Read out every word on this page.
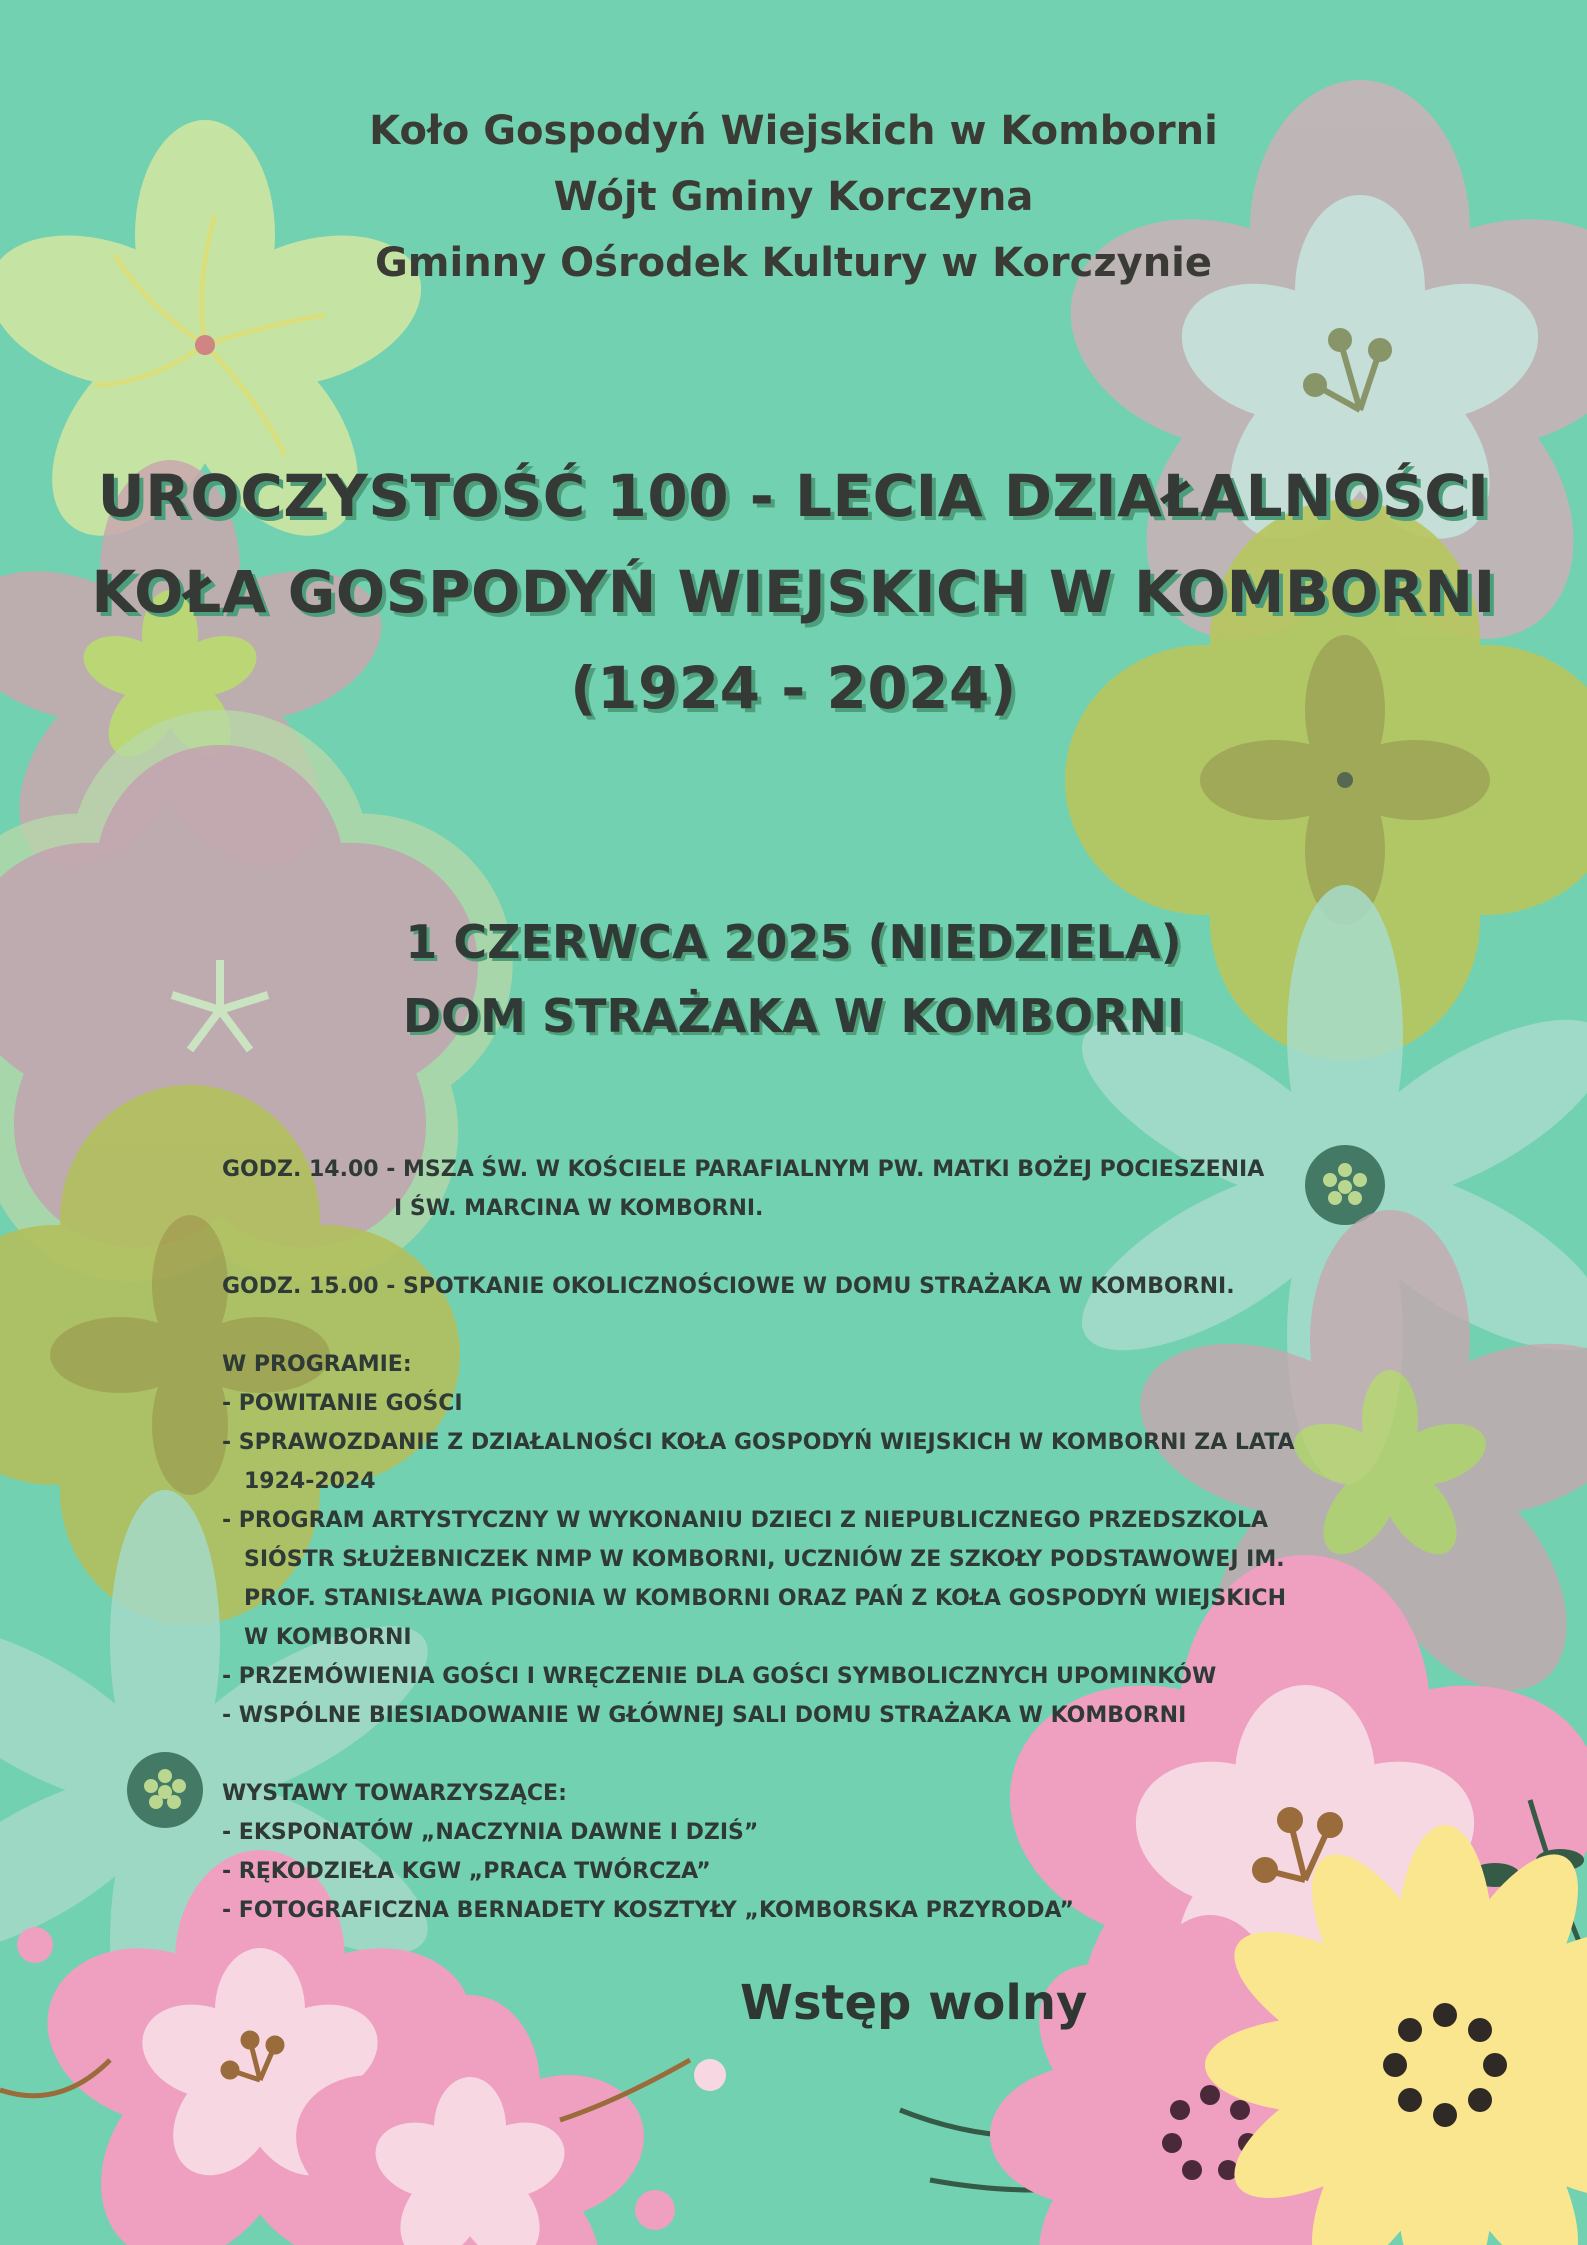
Koło Gospodyń Wiejskich w Komborni
Wójt Gminy Korczyna
Gminny Ośrodek Kultury w Korczynie
UROCZYSTOŚĆ 100 - LECIA DZIAŁALNOŚCI
KOŁA GOSPODYŃ WIEJSKICH W KOMBORNI
(1924 - 2024)
1 CZERWCA 2025 (NIEDZIELA)
DOM STRAŻAKA W KOMBORNI
GODZ. 14.00 - MSZA ŚW. W KOŚCIELE PARAFIALNYM PW. MATKI BOŻEJ POCIESZENIA
I ŚW. MARCINA W KOMBORNI.
GODZ. 15.00 - SPOTKANIE OKOLICZNOŚCIOWE W DOMU STRAŻAKA W KOMBORNI.
W PROGRAMIE:
- POWITANIE GOŚCI
- SPRAWOZDANIE Z DZIAŁALNOŚCI KOŁA GOSPODYŃ WIEJSKICH W KOMBORNI ZA LATA
1924-2024
- PROGRAM ARTYSTYCZNY W WYKONANIU DZIECI Z NIEPUBLICZNEGO PRZEDSZKOLA
SIÓSTR SŁUŻEBNICZEK NMP W KOMBORNI, UCZNIÓW ZE SZKOŁY PODSTAWOWEJ IM.
PROF. STANISŁAWA PIGONIA W KOMBORNI ORAZ PAŃ Z KOŁA GOSPODYŃ WIEJSKICH
W KOMBORNI
- PRZEMÓWIENIA GOŚCI I WRĘCZENIE DLA GOŚCI SYMBOLICZNYCH UPOMINKÓW
- WSPÓLNE BIESIADOWANIE W GŁÓWNEJ SALI DOMU STRAŻAKA W KOMBORNI
WYSTAWY TOWARZYSZĄCE:
- EKSPONATÓW „NACZYNIA DAWNE I DZIŚ”
- RĘKODZIEŁA KGW „PRACA TWÓRCZA”
- FOTOGRAFICZNA BERNADETY KOSZTYŁY „KOMBORSKA PRZYRODA”
Wstęp wolny
